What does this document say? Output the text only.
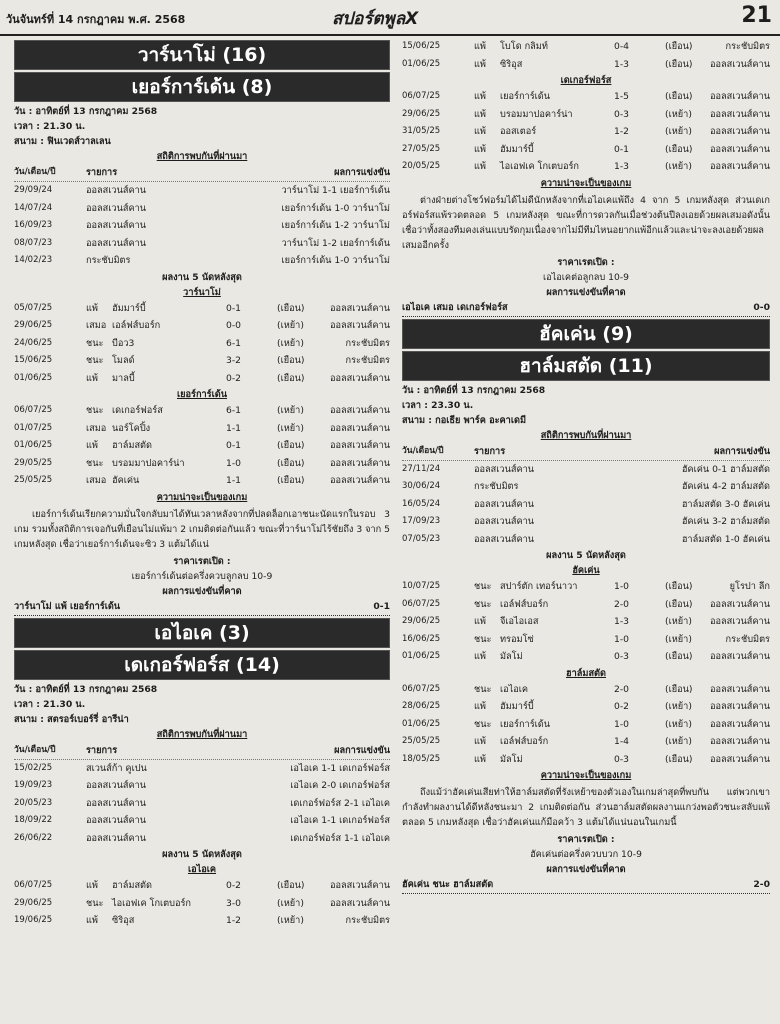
วันจันทร์ที่ 14 กรกฎาคม พ.ศ. 2568	สปอร์ตพูลX	21
วาร์นาโม่ (16)
เยอร์การ์เด้น (8)
วัน : อาทิตย์ที่ 13 กรกฎาคม 2568
เวลา : 21.30 น.
สนาม : ฟินเวดส์วาลเลน
สถิติการพบกันที่ผ่านมา
วัน/เดือน/ปี	รายการ	ผลการแข่งขัน
29/09/24	ออลสเวนส์คาน	วาร์นาโม่ 1-1 เยอร์การ์เด้น
14/07/24	ออลสเวนส์คาน	เยอร์การ์เด้น 1-0 วาร์นาโม่
16/09/23	ออลสเวนส์คาน	เยอร์การ์เด้น 1-2 วาร์นาโม่
08/07/23	ออลสเวนส์คาน	วาร์นาโม่ 1-2 เยอร์การ์เด้น
14/02/23	กระชับมิตร	เยอร์การ์เด้น 1-0 วาร์นาโม่
ผลงาน 5 นัดหลังสุด
วาร์นาโม่
05/07/25	แพ้ ฮัมมาร์บี้	0-1	(เยือน)	ออลสเวนส์คาน
29/06/25	เสมอ เอล์ฟส์บอร์ก	0-0	(เหย้า)	ออลสเวนส์คาน
24/06/25	ชนะ บีอว3	6-1	(เหย้า)	กระชับมิตร
15/06/25	ชนะ โมลด์	3-2	(เยือน)	กระชับมิตร
01/06/25	แพ้ มาลบี้	0-2	(เยือน)	ออลสเวนส์คาน
เยอร์การ์เด้น
06/07/25	ชนะ เดเกอร์ฟอร์ส	6-1	(เหย้า)	ออลสเวนส์คาน
01/07/25	เสมอ นอร์โคปิ้ง	1-1	(เหย้า)	ออลสเวนส์คาน
01/06/25	แพ้ ฮาล์มสตัด	0-1	(เยือน)	ออลสเวนส์คาน
29/05/25	ชนะ บรอมมาปอคาร์น่า	1-0	(เยือน)	ออลสเวนส์คาน
25/05/25	เสมอ ฮัคเค่น	1-1	(เยือน)	ออลสเวนส์คาน
ความน่าจะเป็นของเกม
เยอร์การ์เด้นเรียกความมั่นใจกลับมาได้ทันเวลาหลังจากที่ปลดล็อกเอาชนะนัดแรกในรอบ 3 เกม รวมทั้งสถิติการเจอกันที่เยือนไม่แพ้มา 2 เกมติดต่อกันแล้ว ขณะที่วาร์นาโม่ไร้ชัยถึง 3 จาก 5 เกมหลังสุด เชื่อว่าเยอร์การ์เด้นจะซิว 3 แต้มได้แน่
ราคาเรตเปิด :
เยอร์การ์เด้นต่อครึ่งควบลูกลบ 10-9
ผลการแข่งขันที่คาด
วาร์นาโม่ แพ้ เยอร์การ์เด้น	0-1
เอไอเค (3)
เดเกอร์ฟอร์ส (14)
วัน : อาทิตย์ที่ 13 กรกฎาคม 2568
เวลา : 21.30 น.
สนาม : สตรอร์เบอร์รี่ อารีน่า
สถิติการพบกันที่ผ่านมา
วัน/เดือน/ปี	รายการ	ผลการแข่งขัน
15/02/25	สเวนส์ก้า คูเปน	เอไอเค 1-1 เดเกอร์ฟอร์ส
19/09/23	ออลสเวนส์คาน	เอไอเค 2-0 เดเกอร์ฟอร์ส
20/05/23	ออลสเวนส์คาน	เดเกอร์ฟอร์ส 2-1 เอไอเค
18/09/22	ออลสเวนส์คาน	เอไอเค 1-1 เดเกอร์ฟอร์ส
26/06/22	ออลสเวนส์คาน	เดเกอร์ฟอร์ส 1-1 เอไอเค
ผลงาน 5 นัดหลังสุด
เอไอเค
06/07/25	แพ้ ฮาล์มสตัด	0-2	(เยือน)	ออลสเวนส์คาน
29/06/25	ชนะ ไอเอฟเค โกเตบอร์ก	3-0	(เหย้า)	ออลสเวนส์คาน
19/06/25	แพ้ ซิริอุส	1-2	(เหย้า)	กระชับมิตร
15/06/25	แพ้ โบโด กลิมท์	0-4	(เยือน)	กระชับมิตร
01/06/25	แพ้ ซิริอุส	1-3	(เยือน) ออลสเวนส์คาน
เดเกอร์ฟอร์ส
06/07/25	แพ้ เยอร์การ์เด้น	1-5	(เยือน) ออลสเวนส์คาน
29/06/25	แพ้ บรอมมาปอคาร์น่า	0-3	(เหย้า) ออลสเวนส์คาน
31/05/25	แพ้ ออสเตอร์	1-2	(เหย้า) ออลสเวนส์คาน
27/05/25	แพ้ ฮัมมาร์บี้	0-1	(เยือน) ออลสเวนส์คาน
20/05/25	แพ้ ไอเอฟเค โกเตบอร์ก	1-3	(เหย้า) ออลสเวนส์คาน
ความน่าจะเป็นของเกม
ต่างฝ่ายต่างโชว์ฟอร์มได้ไม่ดีนักหลังจากที่เอไอเคแพ้ถึง 4 จาก 5 เกมหลังสุด ส่วนเดเกอร์ฟอร์สแพ้รวดตลอด 5 เกมหลังสุด ขณะที่การดวลกันเมื่อช่วงต้นปีลงเอยด้วยผลเสมอดังนั้นเชื่อว่าทั้งสองทีมคงเล่นแบบรัดกุมเนื่องจากไม่มีทีมไหนอยากแพ้อีกแล้วและน่าจะลงเอยด้วยผลเสมออีกครั้ง
ราคาเรตเปิด :
เอไอเคต่อลูกลบ 10-9
ผลการแข่งขันที่คาด
เอไอเค เสมอ เดเกอร์ฟอร์ส	0-0
ฮัคเค่น (9)
ฮาล์มสตัด (11)
วัน : อาทิตย์ที่ 13 กรกฎาคม 2568
เวลา : 23.30 น.
สนาม : กอเธีย พาร์ค อะคาเดมี
สถิติการพบกันที่ผ่านมา
วัน/เดือน/ปี	รายการ	ผลการแข่งขัน
27/11/24	ออลสเวนส์คาน	ฮัคเค่น 0-1 ฮาล์มสตัด
30/06/24	กระชับมิตร	ฮัคเค่น 4-2 ฮาล์มสตัด
16/05/24	ออลสเวนส์คาน	ฮาล์มสตัด 3-0 ฮัคเค่น
17/09/23	ออลสเวนส์คาน	ฮัคเค่น 3-2 ฮาล์มสตัด
07/05/23	ออลสเวนส์คาน	ฮาล์มสตัด 1-0 ฮัคเค่น
ผลงาน 5 นัดหลังสุด
ฮัคเค่น
10/07/25	ชนะ สปาร์ตัก เทอร์นาวา	1-0	(เยือน)	ยูโรปา ลีก
06/07/25	ชนะ เอล์ฟส์บอร์ก	2-0	(เยือน) ออลสเวนส์คาน
29/06/25	แพ้ จีเอไอเอส	1-3	(เหย้า) ออลสเวนส์คาน
16/06/25	ชนะ ทรอมโซ่	1-0	(เหย้า)	กระชับมิตร
01/06/25	แพ้ มัลโม่	0-3	(เยือน) ออลสเวนส์คาน
ฮาล์มสตัด
06/07/25	ชนะ เอไอเค	2-0	(เยือน) ออลสเวนส์คาน
28/06/25	แพ้ ฮัมมาร์บี้	0-2	(เหย้า) ออลสเวนส์คาน
01/06/25	ชนะ เยอร์การ์เด้น	1-0	(เหย้า) ออลสเวนส์คาน
25/05/25	แพ้ เอล์ฟส์บอร์ก	1-4	(เหย้า) ออลสเวนส์คาน
18/05/25	แพ้ มัลโม่	0-3	(เยือน) ออลสเวนส์คาน
ความน่าจะเป็นของเกม
ถึงแม้ว่าฮัคเค่นเสียท่าให้ฮาล์มสตัดที่รังเหย้าของตัวเองในเกมล่าสุดที่พบกัน แต่พวกเขากำลังทำผลงานได้ดีหลังชนะมา 2 เกมติดต่อกัน ส่วนฮาล์มสตัดผลงานแกว่งพอตัวชนะสลับแพ้ตลอด 5 เกมหลังสุด เชื่อว่าฮัคเค่นแก้มือคว้า 3 แต้มได้แน่นอนในเกมนี้
ราคาเรตเปิด :
ฮัคเค่นต่อครึ่งควบบวก 10-9
ผลการแข่งขันที่คาด
ฮัคเค่น ชนะ ฮาล์มสตัด	2-0
